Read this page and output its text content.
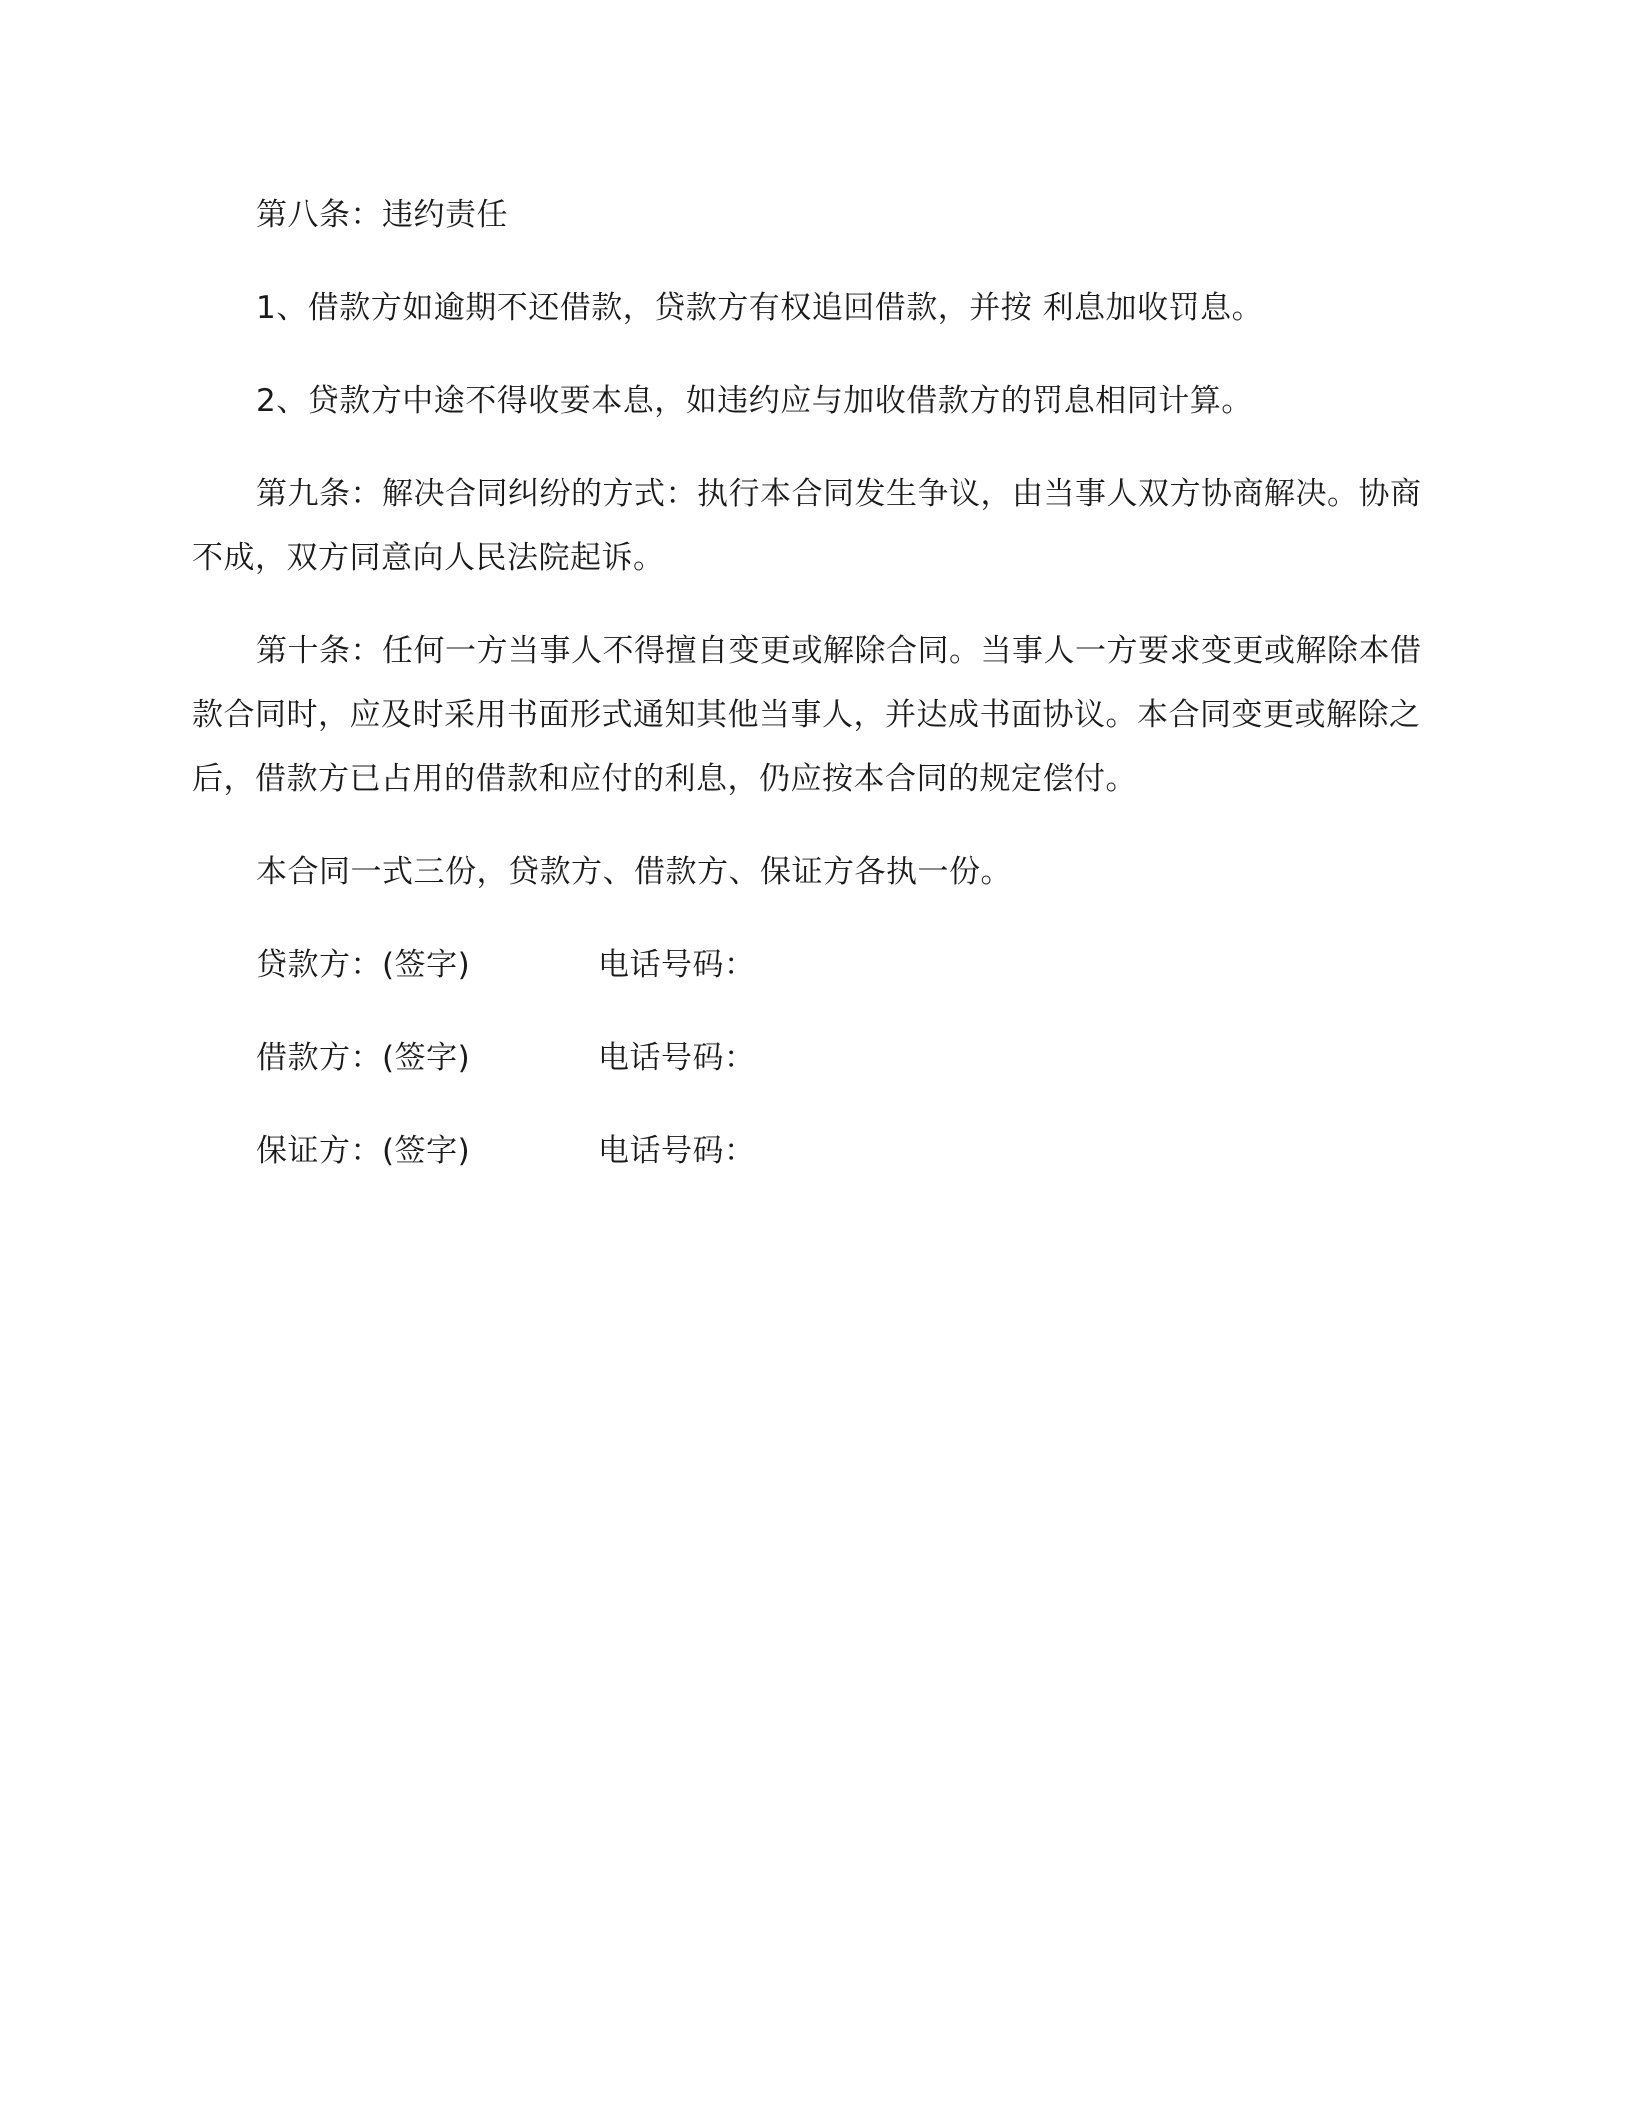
第八条：违约责任

1、借款方如逾期不还借款，贷款方有权追回借款，并按 利息加收罚息。

2、贷款方中途不得收要本息，如违约应与加收借款方的罚息相同计算。

第九条：解决合同纠纷的方式：执行本合同发生争议，由当事人双方协商解决。协商不成，双方同意向人民法院起诉。

第十条：任何一方当事人不得擅自变更或解除合同。当事人一方要求变更或解除本借款合同时，应及时采用书面形式通知其他当事人，并达成书面协议。本合同变更或解除之后，借款方已占用的借款和应付的利息，仍应按本合同的规定偿付。

本合同一式三份，贷款方、借款方、保证方各执一份。

贷款方：(签字)	电话号码：
借款方：(签字)	电话号码：
保证方：(签字)	电话号码：
